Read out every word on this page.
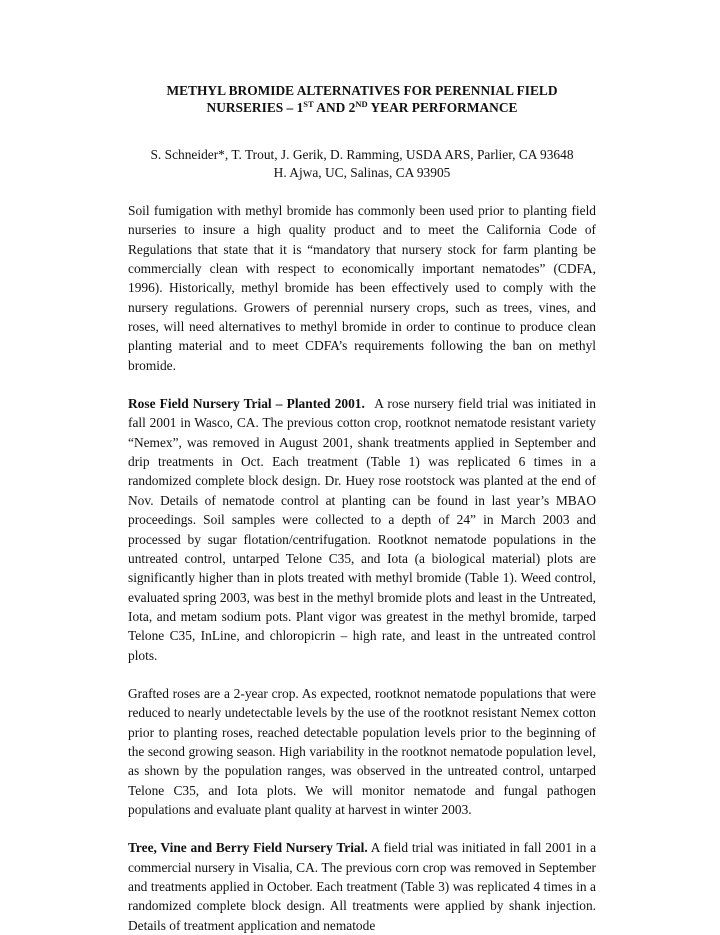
METHYL BROMIDE ALTERNATIVES FOR PERENNIAL FIELD
NURSERIES – 1ST AND 2ND YEAR PERFORMANCE
S. Schneider*, T. Trout, J. Gerik, D. Ramming, USDA ARS, Parlier, CA 93648
H. Ajwa, UC, Salinas, CA 93905

Soil fumigation with methyl bromide has commonly been used prior to planting field nurseries to insure a high quality product and to meet the California Code of Regulations that state that it is “mandatory that nursery stock for farm planting be commercially clean with respect to economically important nematodes” (CDFA, 1996). Historically, methyl bromide has been effectively used to comply with the nursery regulations. Growers of perennial nursery crops, such as trees, vines, and roses, will need alternatives to methyl bromide in order to continue to produce clean planting material and to meet CDFA’s requirements following the ban on methyl bromide.

Rose Field Nursery Trial – Planted 2001. A rose nursery field trial was initiated in fall 2001 in Wasco, CA. The previous cotton crop, rootknot nematode resistant variety “Nemex”, was removed in August 2001, shank treatments applied in September and drip treatments in Oct. Each treatment (Table 1) was replicated 6 times in a randomized complete block design. Dr. Huey rose rootstock was planted at the end of Nov. Details of nematode control at planting can be found in last year’s MBAO proceedings. Soil samples were collected to a depth of 24” in March 2003 and processed by sugar flotation/centrifugation. Rootknot nematode populations in the untreated control, untarped Telone C35, and Iota (a biological material) plots are significantly higher than in plots treated with methyl bromide (Table 1). Weed control, evaluated spring 2003, was best in the methyl bromide plots and least in the Untreated, Iota, and metam sodium pots. Plant vigor was greatest in the methyl bromide, tarped Telone C35, InLine, and chloropicrin – high rate, and least in the untreated control plots.

Grafted roses are a 2-year crop. As expected, rootknot nematode populations that were reduced to nearly undetectable levels by the use of the rootknot resistant Nemex cotton prior to planting roses, reached detectable population levels prior to the beginning of the second growing season. High variability in the rootknot nematode population level, as shown by the population ranges, was observed in the untreated control, untarped Telone C35, and Iota plots. We will monitor nematode and fungal pathogen populations and evaluate plant quality at harvest in winter 2003.

Tree, Vine and Berry Field Nursery Trial. A field trial was initiated in fall 2001 in a commercial nursery in Visalia, CA. The previous corn crop was removed in September and treatments applied in October. Each treatment (Table 3) was replicated 4 times in a randomized complete block design. All treatments were applied by shank injection. Details of treatment application and nematode
